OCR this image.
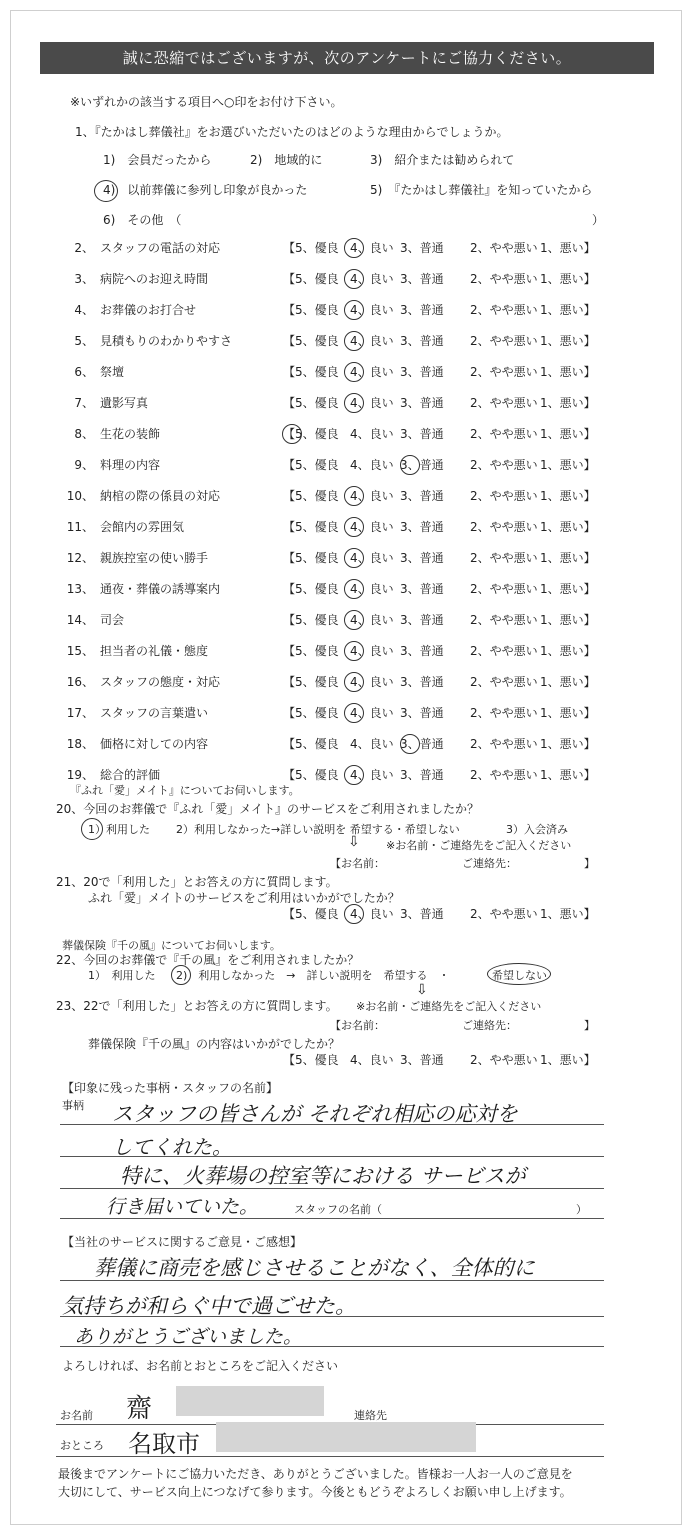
誠に恐縮ではございますが、次のアンケートにご協力ください。
※いずれかの該当する項目へ○印をお付け下さい。
1、『たかはし葬儀社』をお選びいただいたのはどのような理由からでしょうか。
1)　会員だったから	2)　地域的に	3)　紹介または勧められて
4)　以前葬儀に参列し印象が良かった	5)　『たかはし葬儀社』を知っていたから
6)　その他　（	）
2、 スタッフの電話の対応	【5、優良 4、良い 3、普通 2、やや悪い 1、悪い】
3、 病院へのお迎え時間	【5、優良 4、良い 3、普通 2、やや悪い 1、悪い】
4、 お葬儀のお打合せ	【5、優良 4、良い 3、普通 2、やや悪い 1、悪い】
5、 見積もりのわかりやすさ	【5、優良 4、良い 3、普通 2、やや悪い 1、悪い】
6、 祭壇	【5、優良 4、良い 3、普通 2、やや悪い 1、悪い】
7、 遺影写真	【5、優良 4、良い 3、普通 2、やや悪い 1、悪い】
8、 生花の装飾	【5、優良 4、良い 3、普通 2、やや悪い 1、悪い】
9、 料理の内容	【5、優良 4、良い 3、普通 2、やや悪い 1、悪い】
10、 納棺の際の係員の対応	【5、優良 4、良い 3、普通 2、やや悪い 1、悪い】
11、 会館内の雰囲気	【5、優良 4、良い 3、普通 2、やや悪い 1、悪い】
12、 親族控室の使い勝手	【5、優良 4、良い 3、普通 2、やや悪い 1、悪い】
13、 通夜・葬儀の誘導案内	【5、優良 4、良い 3、普通 2、やや悪い 1、悪い】
14、 司会	【5、優良 4、良い 3、普通 2、やや悪い 1、悪い】
15、 担当者の礼儀・態度	【5、優良 4、良い 3、普通 2、やや悪い 1、悪い】
16、 スタッフの態度・対応	【5、優良 4、良い 3、普通 2、やや悪い 1、悪い】
17、 スタッフの言葉遣い	【5、優良 4、良い 3、普通 2、やや悪い 1、悪い】
18、 価格に対しての内容	【5、優良 4、良い 3、普通 2、やや悪い 1、悪い】
19、 総合的評価	【5、優良 4、良い 3、普通 2、やや悪い 1、悪い】
『ふれ「愛」メイト』についてお伺いします。
20、今回のお葬儀で『ふれ「愛」メイト』のサービスをご利用されましたか？
1）利用した 2）利用しなかった→詳しい説明を 希望する・希望しない	3）入会済み
⇩ ※お名前・ご連絡先をご記入ください
【お名前：	ご連絡先：	】
21、20で「利用した」とお答えの方に質問します。
ふれ「愛」メイトのサービスをご利用はいかがでしたか？
【5、優良 4、良い 3、普通 2、やや悪い 1、悪い】
葬儀保険『千の風』についてお伺いします。
22、今回のお葬儀で『千の風』をご利用されましたか？
1）　利用した 2)　利用しなかった　→　詳しい説明を　希望する　・	希望しない
⇩
23、22で「利用した」とお答えの方に質問します。 ※お名前・ご連絡先をご記入ください
【お名前：	ご連絡先：	】
葬儀保険『千の風』の内容はいかがでしたか？
【5、優良 4、良い 3、普通 2、やや悪い 1、悪い】
【印象に残った事柄・スタッフの名前】
事柄 スタッフの皆さんが それぞれ相応の応対を
してくれた。
特に、火葬場の控室等における サービスが
行き届いていた。	スタッフの名前（	）
【当社のサービスに関するご意見・ご感想】
葬儀に商売を感じさせることがなく、全体的に
気持ちが和らぐ中で過ごせた。
ありがとうございました。
よろしければ、お名前とおところをご記入ください
お名前 齋	連絡先
おところ 名取市
最後までアンケートにご協力いただき、ありがとうございました。皆様お一人お一人のご意見を
大切にして、サービス向上につなげて参ります。今後ともどうぞよろしくお願い申し上げます。
